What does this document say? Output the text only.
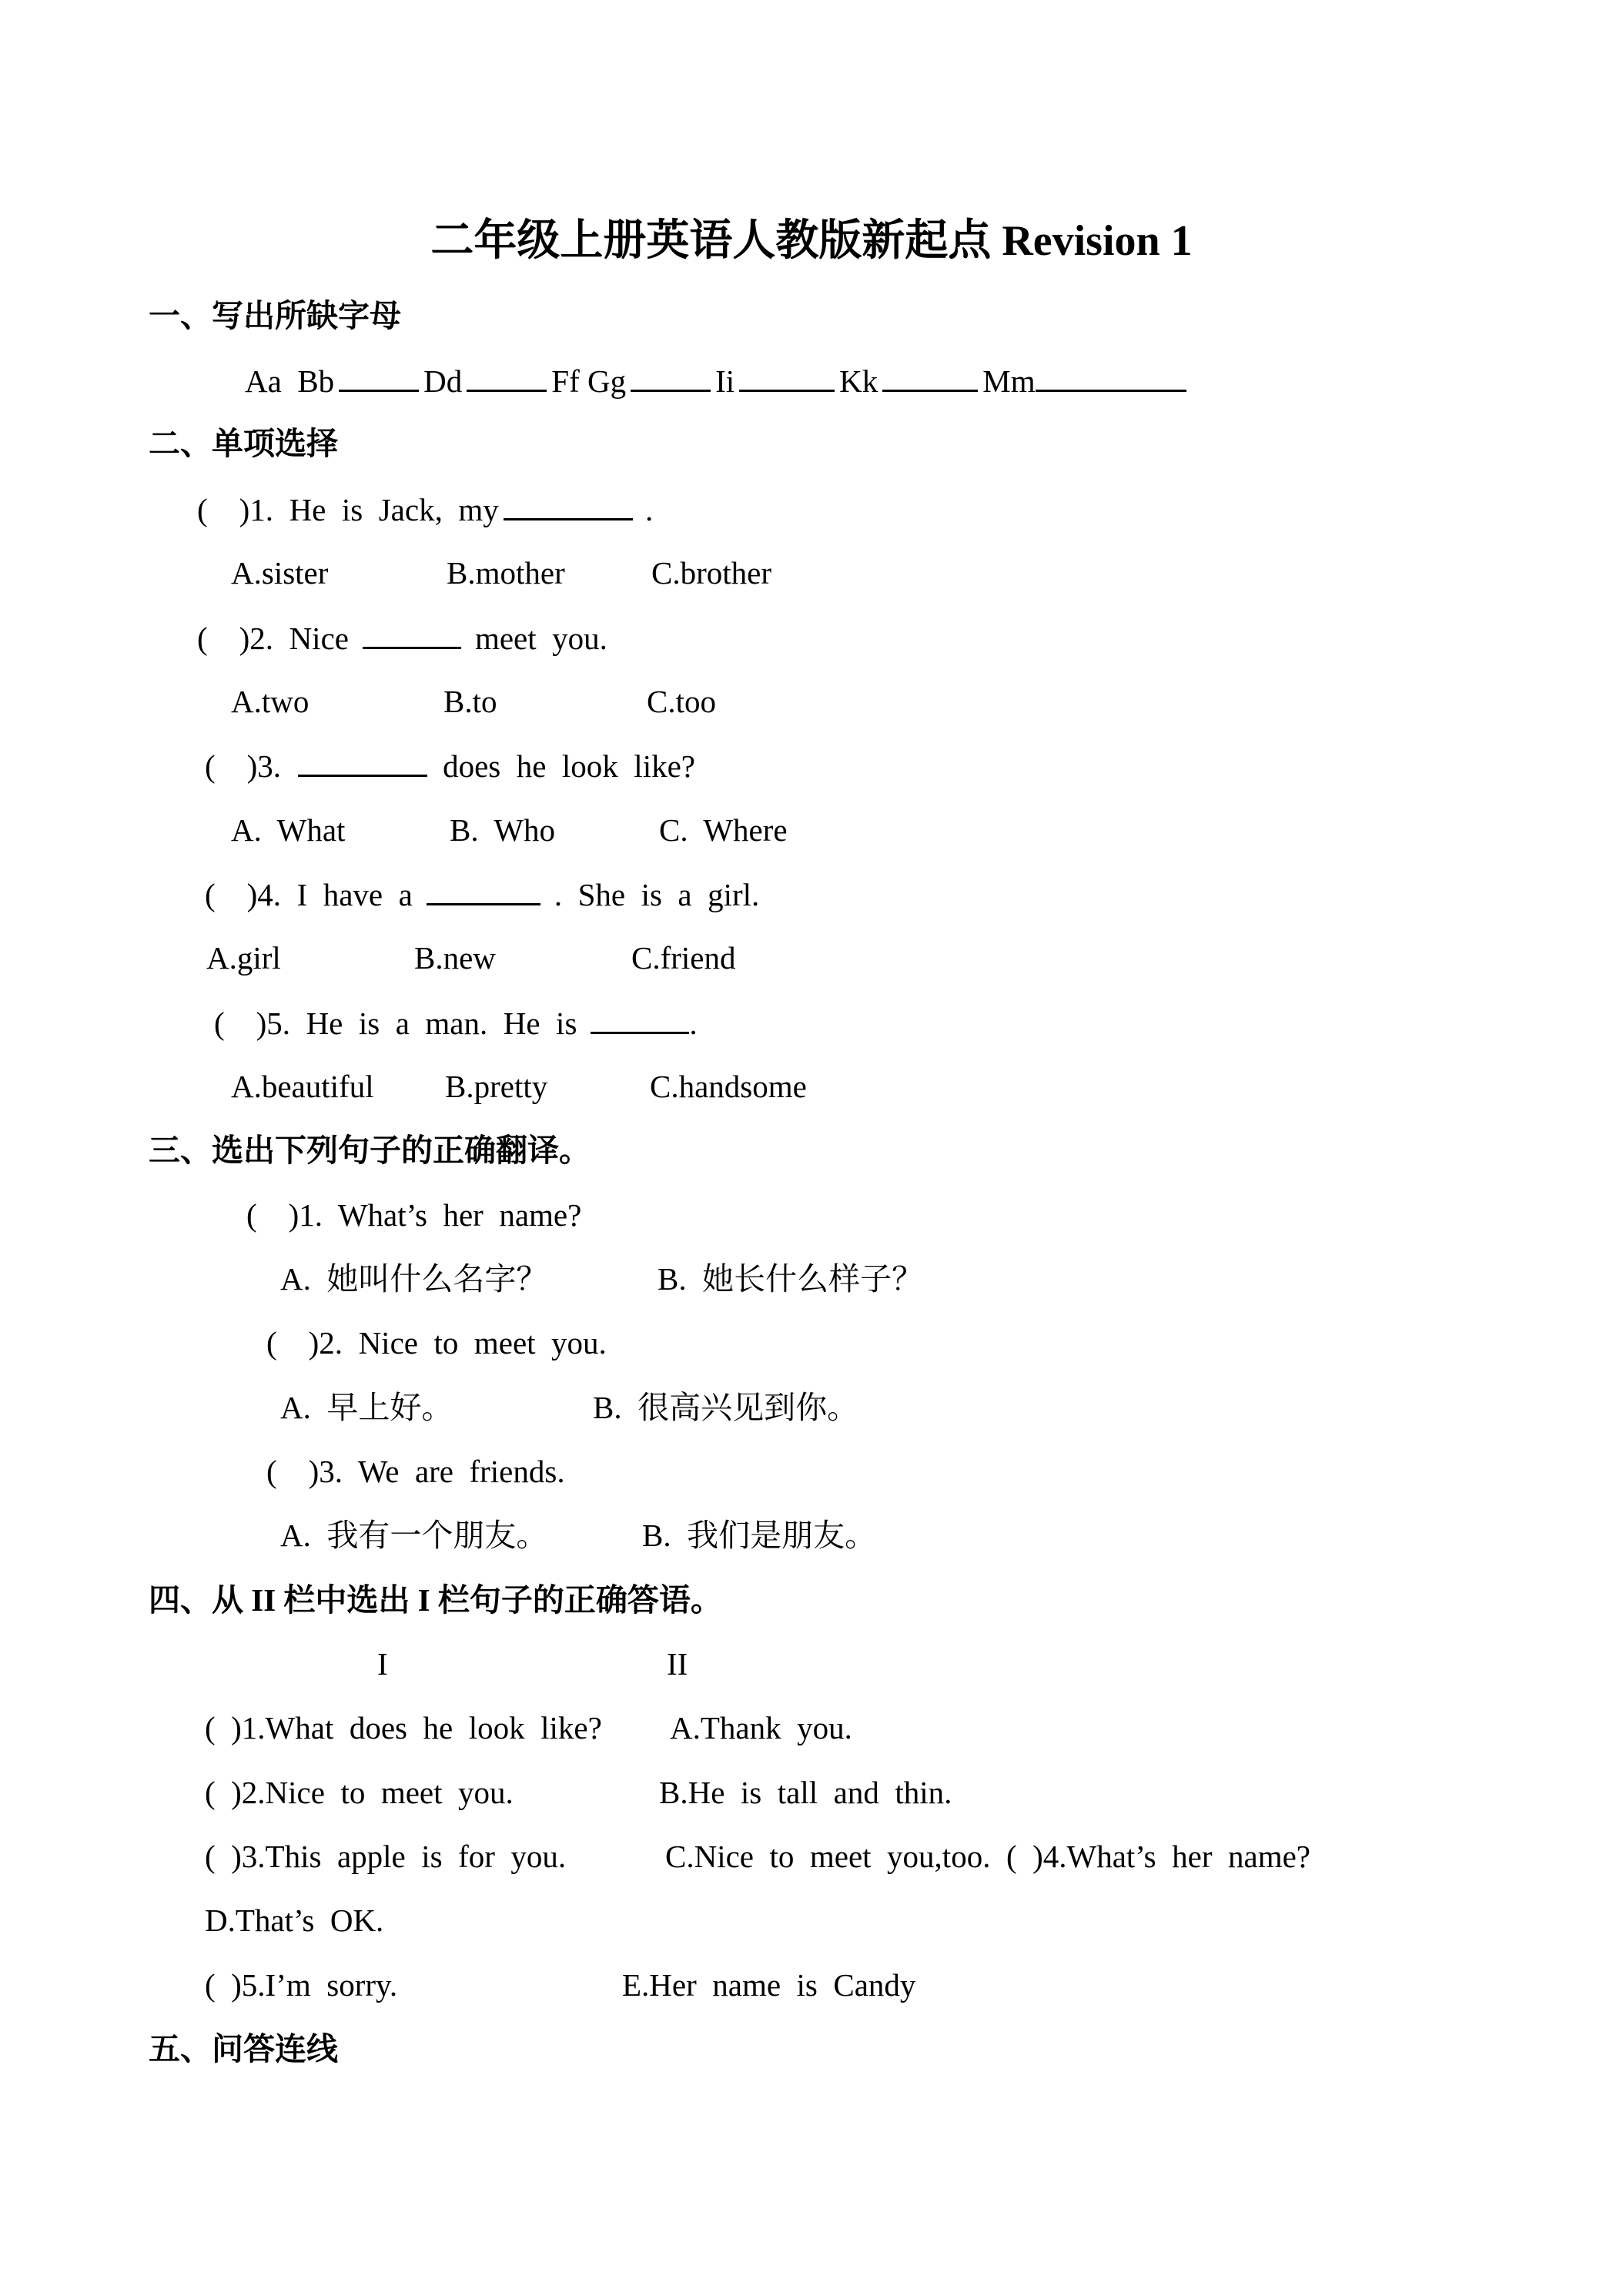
二年级上册英语人教版新起点 Revision 1
一、写出所缺字母
Aa Bb	Dd	Ff Gg	Ii	Kk	Mm
二、单项选择
(    )1. He  is  Jack,  my	.
A.sister	B.mother	C.brother
(    )2. Nice	meet  you.
A.two	B.to	C.too
(    )3.	does  he  look  like?
A.  What	B.  Who	C.  Where
(    )4. I  have  a	.  She  is  a  girl.
A.girl	B.new	C.friend
(    )5. He  is  a  man.  He  is	.
A.beautiful B.pretty	C.handsome
三、选出下列句子的正确翻译。
(    )1. What’s  her  name?
A.  她叫什么名字？	B.  她长什么样子？
(    )2. Nice  to  meet  you.
A.  早上好。	B.  很高兴见到你。
(    )3. We  are  friends.
A.  我有一个朋友。	B.  我们是朋友。
四、从 II 栏中选出 I 栏句子的正确答语。
I	II
(  )1.What  does  he  look  like? A.Thank  you.
(  )2.Nice  to  meet  you.	B.He  is  tall  and  thin.
(  )3.This  apple  is  for  you.	C.Nice  to  meet  you,too.  (  )4.What’s  her  name?
D.That’s  OK.
(  )5.I’m  sorry.	E.Her  name  is  Candy
五、问答连线
